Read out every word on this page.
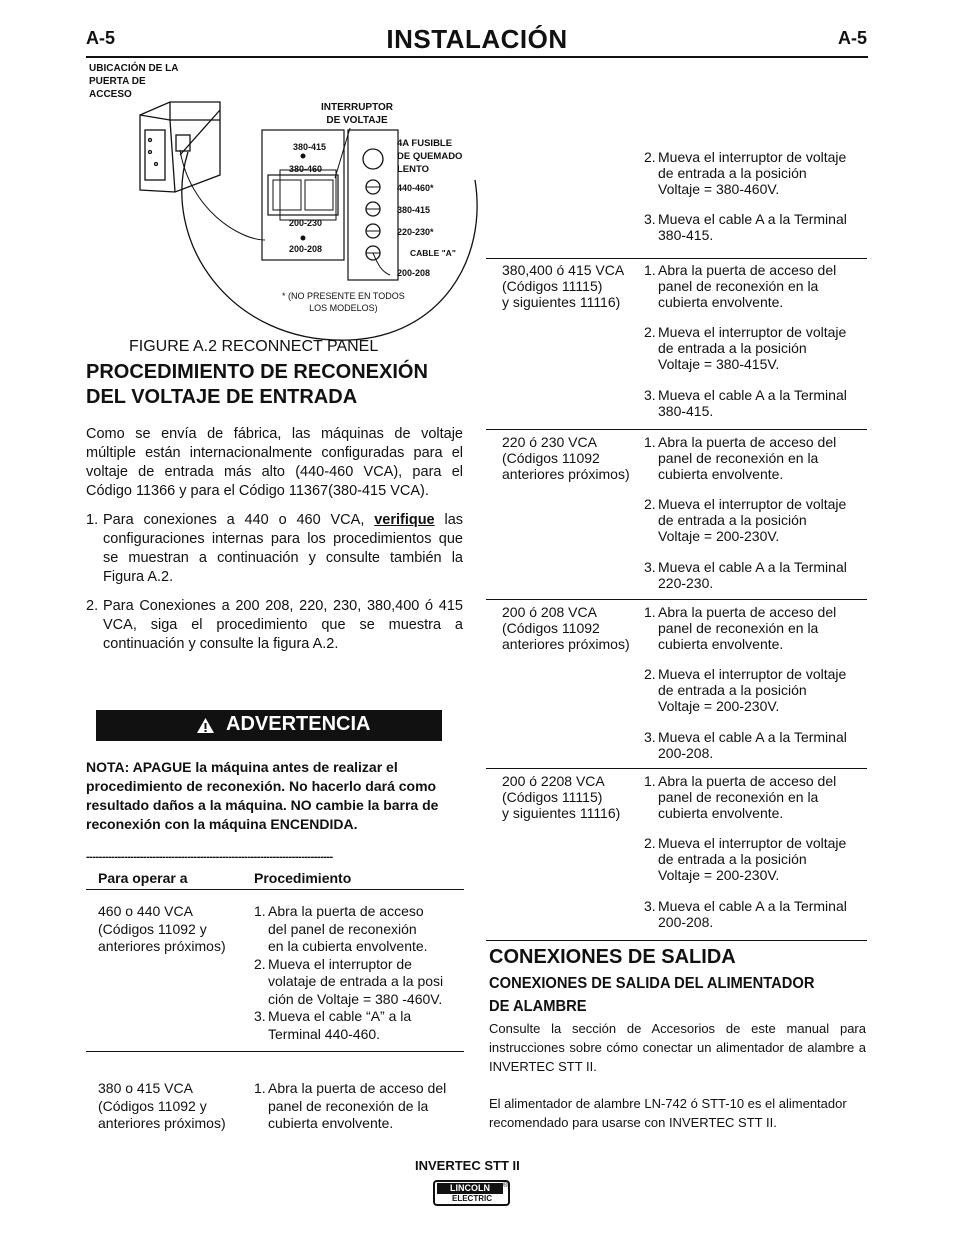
A-5	A-5
INSTALACIÓN
UBICACIÓN DE LA
PUERTA DE
ACCESO
INTERRUPTOR
DE VOLTAJE
4A FUSIBLE
DE QUEMADO
LENTO
380-415
380-460
200-230
200-208
440-460*
380-415
220-230*
CABLE "A"
200-208
* (NO PRESENTE EN TODOS
LOS MODELOS)
FIGURE A.2 RECONNECT PANEL
PROCEDIMIENTO DE RECONEXIÓN
DEL VOLTAJE DE ENTRADA
Como se envía de fábrica, las máquinas de voltaje múltiple están internacionalmente configuradas para el voltaje de entrada más alto (440-460 VCA), para el Código 11366 y para el Código 11367(380-415 VCA).
1. Para conexiones a 440 o 460 VCA, verifique las configuraciones internas para los procedimientos que se muestran a continuación y consulte también la Figura A.2.
2. Para Conexiones a 200 208, 220, 230, 380,400 ó 415 VCA, siga el procedimiento que se muestra a continuación y consulte la figura A.2.
ADVERTENCIA
NOTA: APAGUE la máquina antes de realizar el procedimiento de reconexión. No hacerlo dará como resultado daños a la máquina. NO cambie la barra de reconexión con la máquina ENCENDIDA.
------------------------------------------------------------------------------
Para operar a	Procedimiento
460 o 440 VCA
(Códigos 11092 y
anteriores próximos)
1. Abra la puerta de acceso
del panel de reconexión
en la cubierta envolvente.
2. Mueva el interruptor de
volataje de entrada a la posi
ción de Voltaje = 380 -460V.
3. Mueva el cable “A” a la
Terminal 440-460.
380 o 415 VCA
(Códigos 11092 y
anteriores próximos)
1. Abra la puerta de acceso del
panel de reconexión de la
cubierta envolvente.
2. Mueva el interruptor de voltaje
de entrada a la posición
Voltaje = 380-460V.
3. Mueva el cable A a la Terminal
380-415.
380,400 ó 415 VCA
(Códigos 11115)
y siguientes 11116)
1. Abra la puerta de acceso del
panel de reconexión en la
cubierta envolvente.
2. Mueva el interruptor de voltaje
de entrada a la posición
Voltaje = 380-415V.
3. Mueva el cable A a la Terminal
380-415.
220 ó 230 VCA
(Códigos 11092
anteriores próximos)
1. Abra la puerta de acceso del
panel de reconexión en la
cubierta envolvente.
2. Mueva el interruptor de voltaje
de entrada a la posición
Voltaje = 200-230V.
3. Mueva el cable A a la Terminal
220-230.
200 ó 208 VCA
(Códigos 11092
anteriores próximos)
1. Abra la puerta de acceso del
panel de reconexión en la
cubierta envolvente.
2. Mueva el interruptor de voltaje
de entrada a la posición
Voltaje = 200-230V.
3. Mueva el cable A a la Terminal
200-208.
200 ó 2208 VCA
(Códigos 11115)
y siguientes 11116)
1. Abra la puerta de acceso del
panel de reconexión en la
cubierta envolvente.
2. Mueva el interruptor de voltaje
de entrada a la posición
Voltaje = 200-230V.
3. Mueva el cable A a la Terminal
200-208.
CONEXIONES DE SALIDA
CONEXIONES DE SALIDA DEL ALIMENTADOR
DE ALAMBRE
Consulte la sección de Accesorios de este manual para instrucciones sobre cómo conectar un alimentador de alambre a INVERTEC STT II.
El alimentador de alambre LN-742 ó STT-10 es el alimentador recomendado para usarse con INVERTEC STT II.
INVERTEC STT II
LINCOLN	®
ELECTRIC
